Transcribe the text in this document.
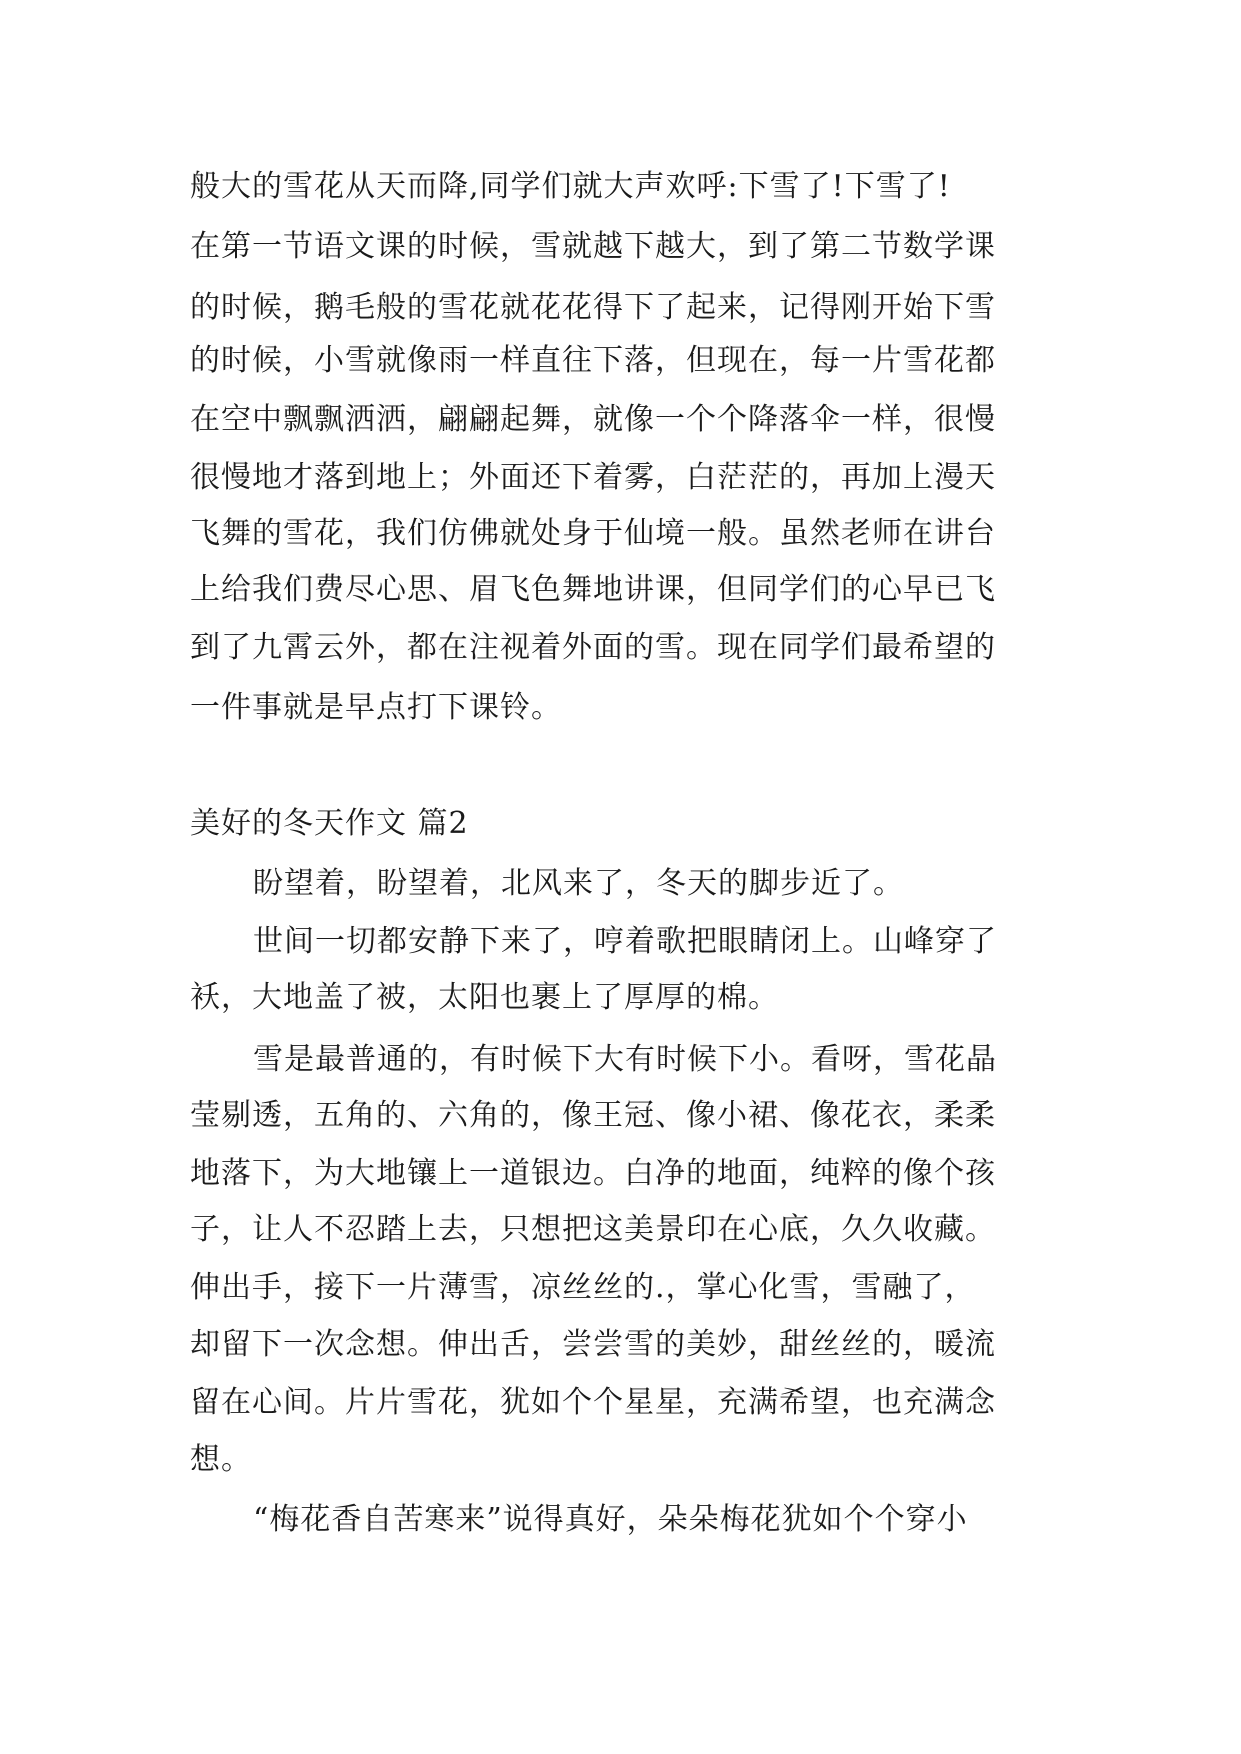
般大的雪花从天而降,同学们就大声欢呼:下雪了!下雪了!
在第一节语文课的时候，雪就越下越大，到了第二节数学课
的时候，鹅毛般的雪花就花花得下了起来，记得刚开始下雪
的时候，小雪就像雨一样直往下落，但现在，每一片雪花都
在空中飘飘洒洒，翩翩起舞，就像一个个降落伞一样，很慢
很慢地才落到地上；外面还下着雾，白茫茫的，再加上漫天
飞舞的雪花，我们仿佛就处身于仙境一般。虽然老师在讲台
上给我们费尽心思、眉飞色舞地讲课，但同学们的心早已飞
到了九霄云外，都在注视着外面的雪。现在同学们最希望的
一件事就是早点打下课铃。
美好的冬天作文 篇2
盼望着，盼望着，北风来了，冬天的脚步近了。
世间一切都安静下来了，哼着歌把眼睛闭上。山峰穿了
袄，大地盖了被，太阳也裹上了厚厚的棉。
雪是最普通的，有时候下大有时候下小。看呀，雪花晶
莹剔透，五角的、六角的，像王冠、像小裙、像花衣，柔柔
地落下，为大地镶上一道银边。白净的地面，纯粹的像个孩
子，让人不忍踏上去，只想把这美景印在心底，久久收藏。
伸出手，接下一片薄雪，凉丝丝的.，掌心化雪，雪融了，
却留下一次念想。伸出舌，尝尝雪的美妙，甜丝丝的，暖流
留在心间。片片雪花，犹如个个星星，充满希望，也充满念
想。
“梅花香自苦寒来”说得真好，朵朵梅花犹如个个穿小
